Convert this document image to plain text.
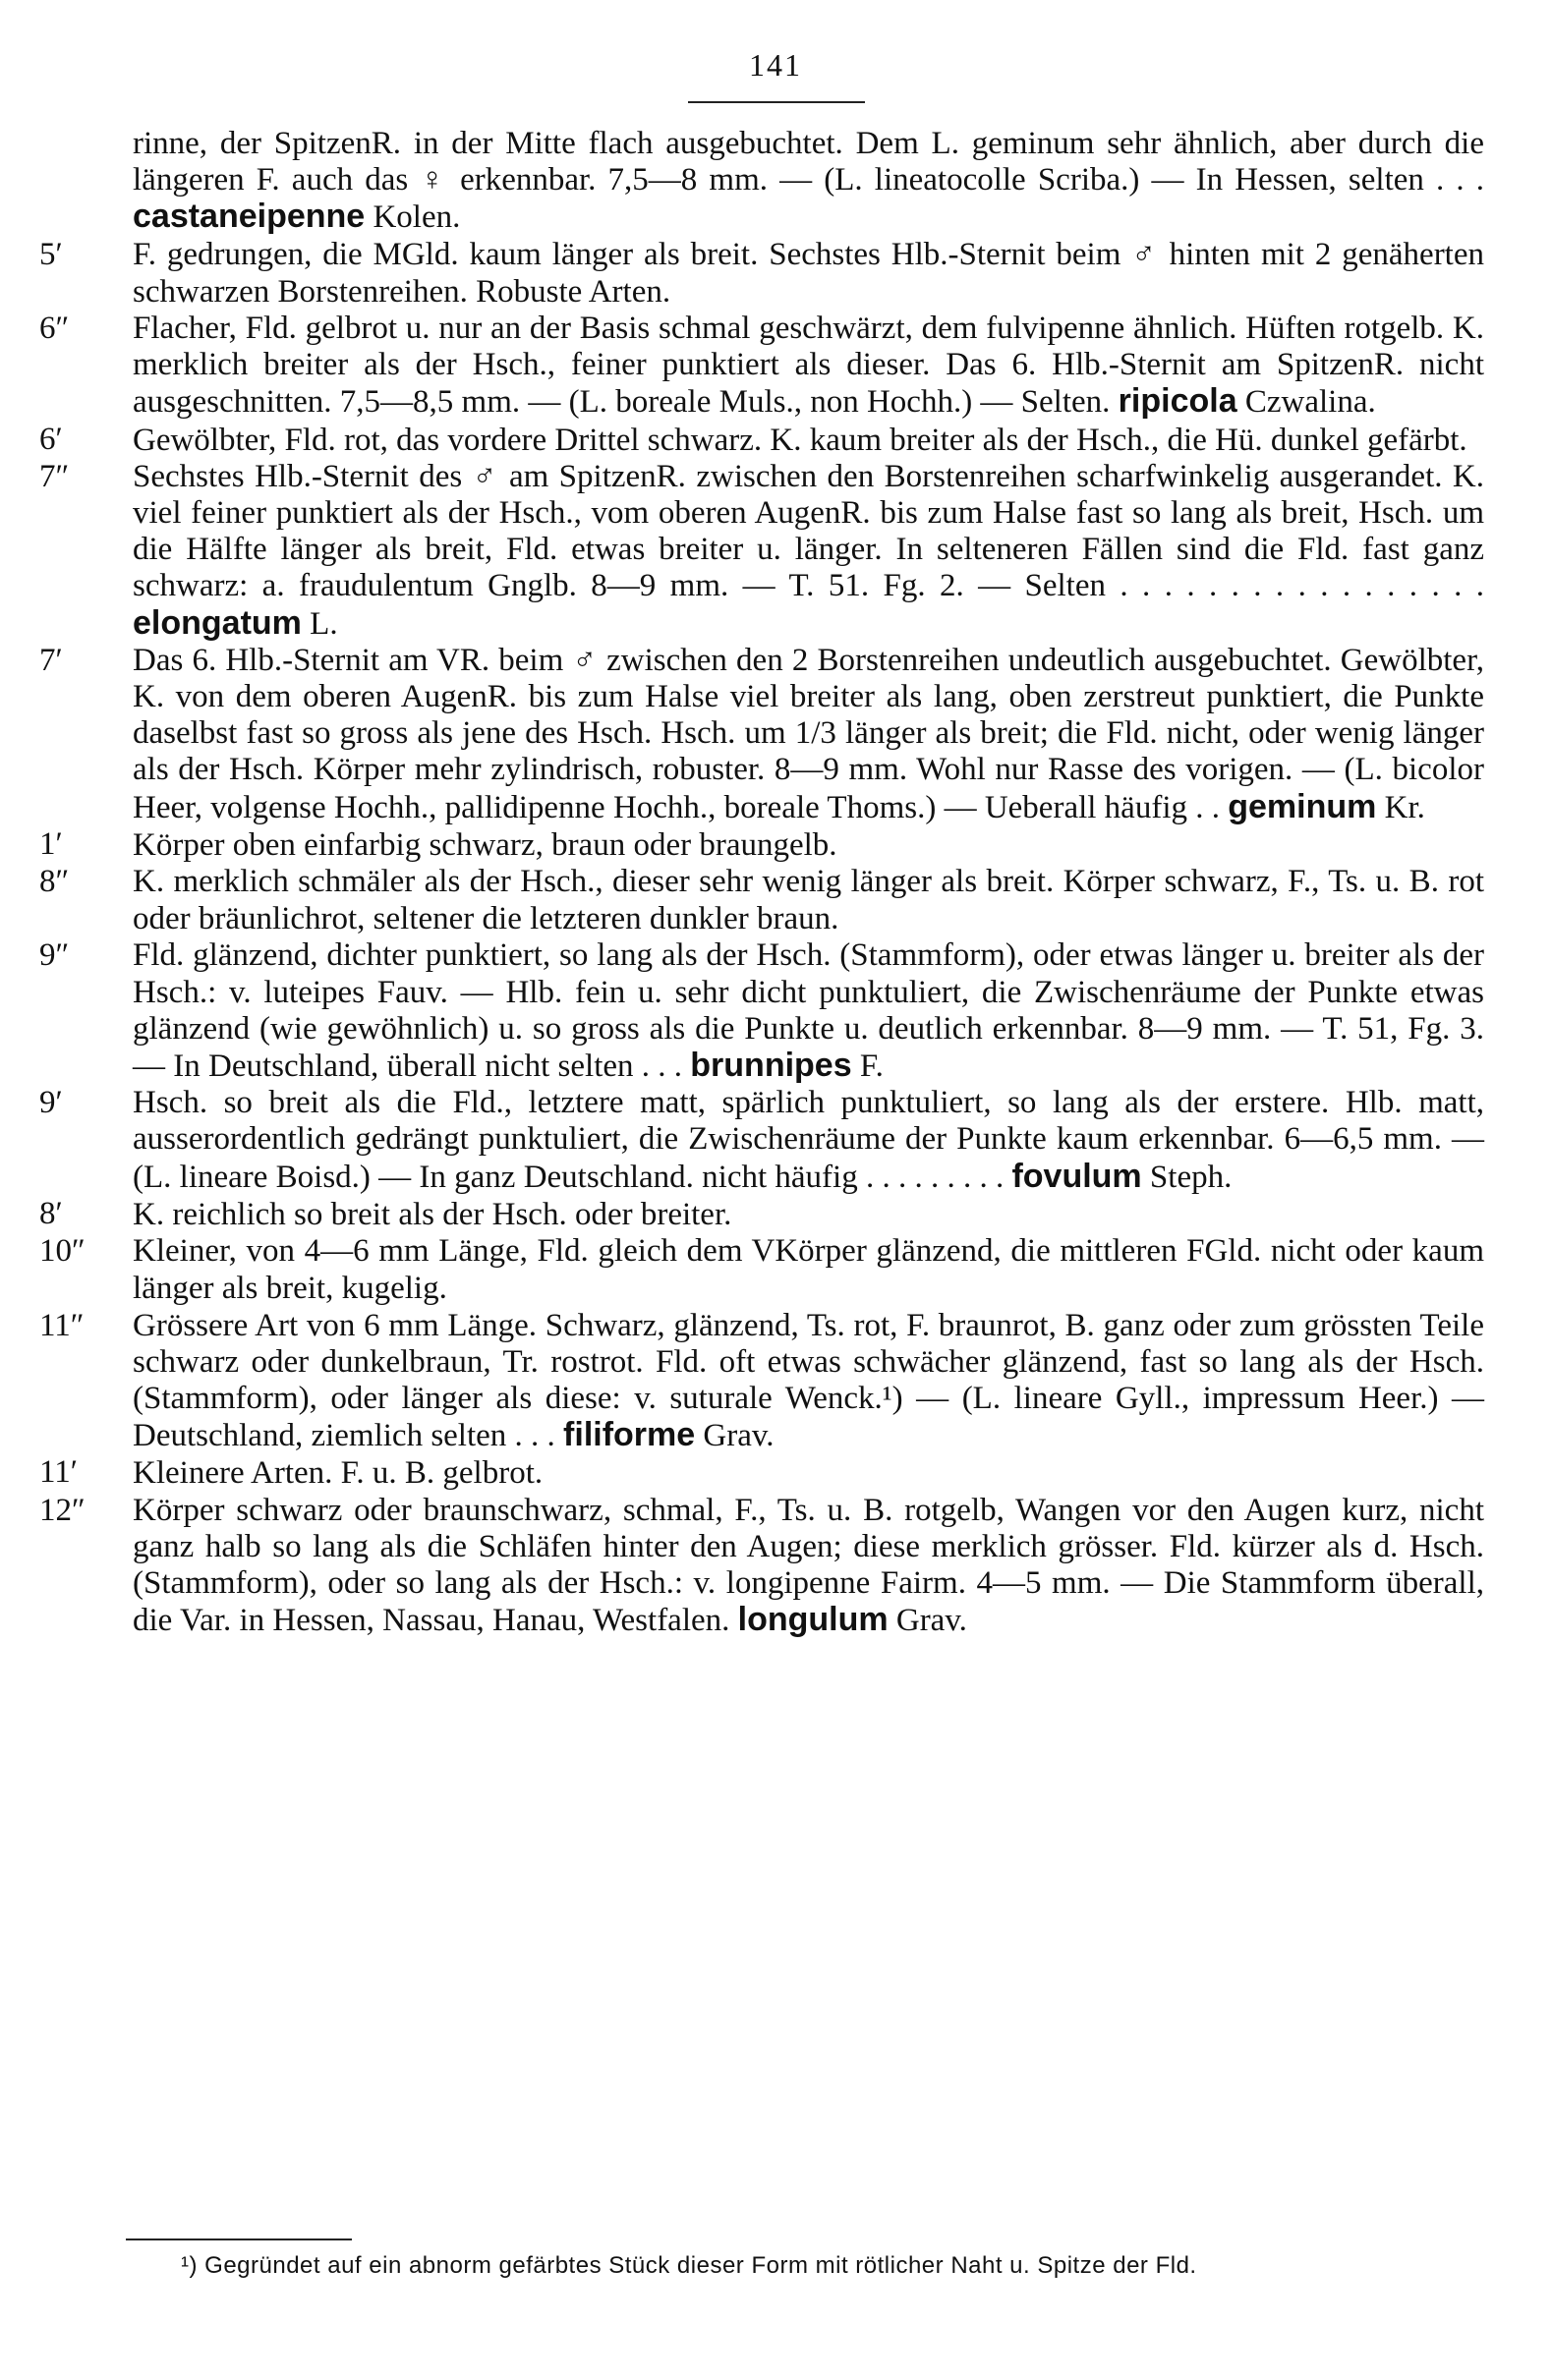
141

rinne, der SpitzenR. in der Mitte flach ausgebuchtet. Dem L. geminum sehr ähnlich, aber durch die längeren F. auch das ♀ erkennbar. 7,5—8 mm. — (L. lineatocolle Scriba.) — In Hessen, selten . . . castaneipenne Kolen.

5′	F. gedrungen, die MGld. kaum länger als breit. Sechstes Hlb.-Sternit beim ♂ hinten mit 2 genäherten schwarzen Borstenreihen. Robuste Arten.

6″	Flacher, Fld. gelbrot u. nur an der Basis schmal geschwärzt, dem fulvipenne ähnlich. Hüften rotgelb. K. merklich breiter als der Hsch., feiner punktiert als dieser. Das 6. Hlb.-Sternit am SpitzenR. nicht ausgeschnitten. 7,5—8,5 mm. — (L. boreale Muls., non Hochh.) — Selten. ripicola Czwalina.

6′	Gewölbter, Fld. rot, das vordere Drittel schwarz. K. kaum breiter als der Hsch., die Hü. dunkel gefärbt.

7″	Sechstes Hlb.-Sternit des ♂ am SpitzenR. zwischen den Borstenreihen scharfwinkelig ausgerandet. K. viel feiner punktiert als der Hsch., vom oberen AugenR. bis zum Halse fast so lang als breit, Hsch. um die Hälfte länger als breit, Fld. etwas breiter u. länger. In selteneren Fällen sind die Fld. fast ganz schwarz: a. fraudulentum Gnglb. 8—9 mm. — T. 51. Fg. 2. — Selten . . . . . . . . . . . . . . . . . elongatum L.

7′	Das 6. Hlb.-Sternit am VR. beim ♂ zwischen den 2 Borstenreihen undeutlich ausgebuchtet. Gewölbter, K. von dem oberen AugenR. bis zum Halse viel breiter als lang, oben zerstreut punktiert, die Punkte daselbst fast so gross als jene des Hsch. Hsch. um 1/3 länger als breit; die Fld. nicht, oder wenig länger als der Hsch. Körper mehr zylindrisch, robuster. 8—9 mm. Wohl nur Rasse des vorigen. — (L. bicolor Heer, volgense Hochh., pallidipenne Hochh., boreale Thoms.) — Ueberall häufig . . geminum Kr.

1′	Körper oben einfarbig schwarz, braun oder braungelb.

8″	K. merklich schmäler als der Hsch., dieser sehr wenig länger als breit. Körper schwarz, F., Ts. u. B. rot oder bräunlichrot, seltener die letzteren dunkler braun.

9″	Fld. glänzend, dichter punktiert, so lang als der Hsch. (Stammform), oder etwas länger u. breiter als der Hsch.: v. luteipes Fauv. — Hlb. fein u. sehr dicht punktuliert, die Zwischenräume der Punkte etwas glänzend (wie gewöhnlich) u. so gross als die Punkte u. deutlich erkennbar. 8—9 mm. — T. 51, Fg. 3. — In Deutschland, überall nicht selten . . . brunnipes F.

9′	Hsch. so breit als die Fld., letztere matt, spärlich punktuliert, so lang als der erstere. Hlb. matt, ausserordentlich gedrängt punktuliert, die Zwischenräume der Punkte kaum erkennbar. 6—6,5 mm. — (L. lineare Boisd.) — In ganz Deutschland. nicht häufig . . . . . . . . . fovulum Steph.

8′	K. reichlich so breit als der Hsch. oder breiter.

10″	Kleiner, von 4—6 mm Länge, Fld. gleich dem VKörper glänzend, die mittleren FGld. nicht oder kaum länger als breit, kugelig.

11″	Grössere Art von 6 mm Länge. Schwarz, glänzend, Ts. rot, F. braunrot, B. ganz oder zum grössten Teile schwarz oder dunkelbraun, Tr. rostrot. Fld. oft etwas schwächer glänzend, fast so lang als der Hsch. (Stammform), oder länger als diese: v. suturale Wenck.¹) — (L. lineare Gyll., impressum Heer.) — Deutschland, ziemlich selten . . . filiforme Grav.

11′	Kleinere Arten. F. u. B. gelbrot.

12″	Körper schwarz oder braunschwarz, schmal, F., Ts. u. B. rotgelb, Wangen vor den Augen kurz, nicht ganz halb so lang als die Schläfen hinter den Augen; diese merklich grösser. Fld. kürzer als d. Hsch. (Stammform), oder so lang als der Hsch.: v. longipenne Fairm. 4—5 mm. — Die Stammform überall, die Var. in Hessen, Nassau, Hanau, Westfalen. longulum Grav.

¹) Gegründet auf ein abnorm gefärbtes Stück dieser Form mit rötlicher Naht u. Spitze der Fld.
